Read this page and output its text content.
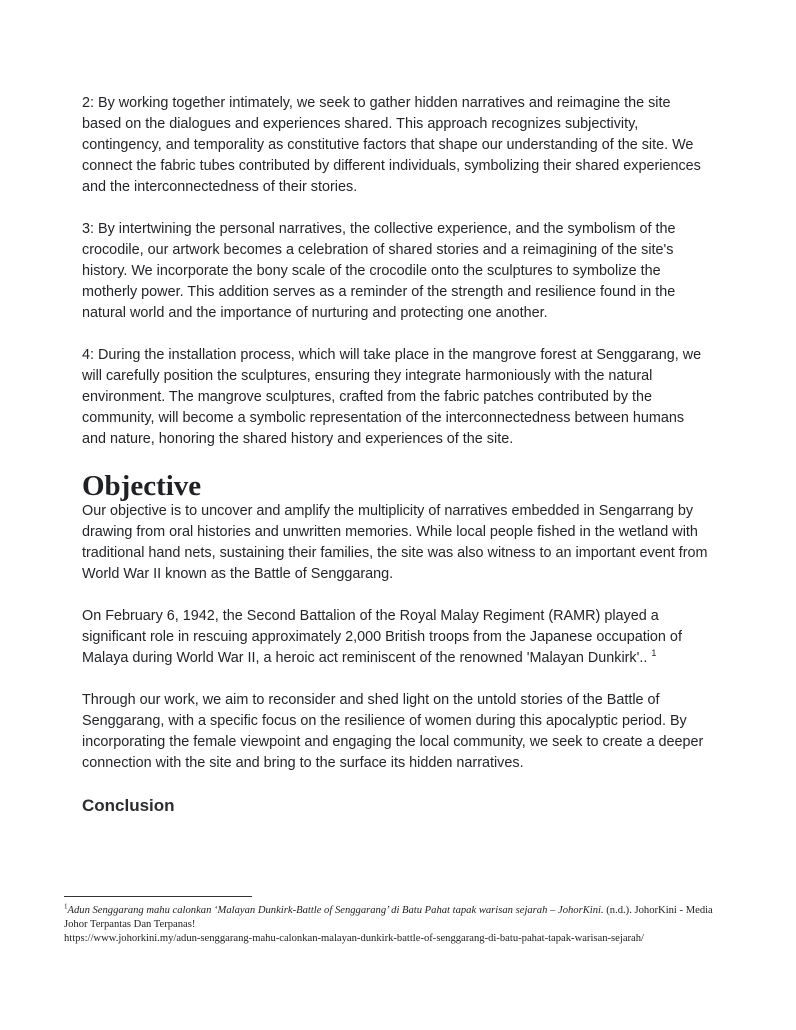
2: By working together intimately, we seek to gather hidden narratives and reimagine the site based on the dialogues and experiences shared. This approach recognizes subjectivity, contingency, and temporality as constitutive factors that shape our understanding of the site. We connect the fabric tubes contributed by different individuals, symbolizing their shared experiences and the interconnectedness of their stories.

3: By intertwining the personal narratives, the collective experience, and the symbolism of the crocodile, our artwork becomes a celebration of shared stories and a reimagining of the site's history. We incorporate the bony scale of the crocodile onto the sculptures to symbolize the motherly power. This addition serves as a reminder of the strength and resilience found in the natural world and the importance of nurturing and protecting one another.

4: During the installation process, which will take place in the mangrove forest at Senggarang, we will carefully position the sculptures, ensuring they integrate harmoniously with the natural environment. The mangrove sculptures, crafted from the fabric patches contributed by the community, will become a symbolic representation of the interconnectedness between humans and nature, honoring the shared history and experiences of the site.

Objective

Our objective is to uncover and amplify the multiplicity of narratives embedded in Sengarrang by drawing from oral histories and unwritten memories. While local people fished in the wetland with traditional hand nets, sustaining their families, the site was also witness to an important event from World War II known as the Battle of Senggarang.

On February 6, 1942, the Second Battalion of the Royal Malay Regiment (RAMR) played a significant role in rescuing approximately 2,000 British troops from the Japanese occupation of Malaya during World War II, a heroic act reminiscent of the renowned 'Malayan Dunkirk'.. $^1$

Through our work, we aim to reconsider and shed light on the untold stories of the Battle of Senggarang, with a specific focus on the resilience of women during this apocalyptic period. By incorporating the female viewpoint and engaging the local community, we seek to create a deeper connection with the site and bring to the surface its hidden narratives.

Conclusion

$^1$Adun Senggarang mahu calonkan ‘Malayan Dunkirk-Battle of Senggarang’ di Batu Pahat tapak warisan sejarah – JohorKini. (n.d.). JohorKini - Media Johor Terpantas Dan Terpanas!

https://www.johorkini.my/adun-senggarang-mahu-calonkan-malayan-dunkirk-battle-of-senggarang-di-batu-pahat-tapak-warisan-sejarah/
